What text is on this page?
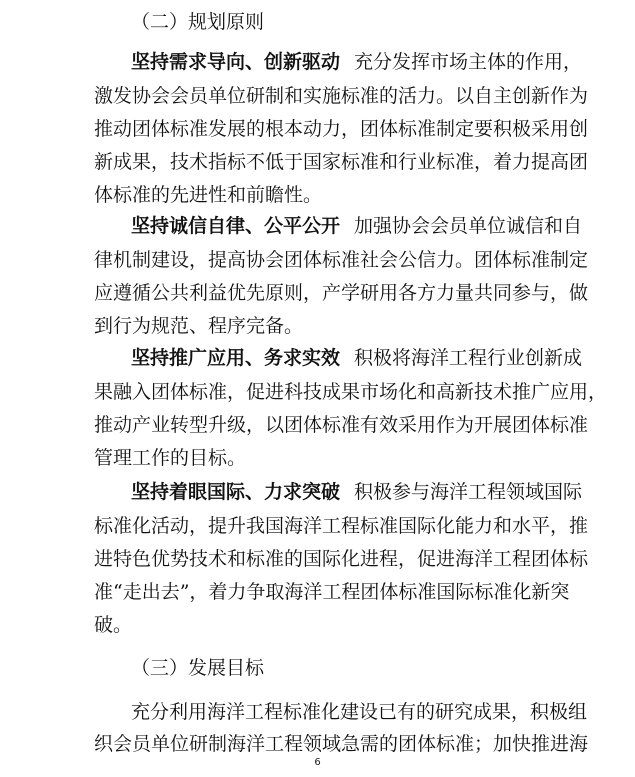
（二）规划原则
坚持需求导向、创新驱动 充分发挥市场主体的作用，
激发协会会员单位研制和实施标准的活力。以自主创新作为
推动团体标准发展的根本动力，团体标准制定要积极采用创
新成果，技术指标不低于国家标准和行业标准，着力提高团
体标准的先进性和前瞻性。
坚持诚信自律、公平公开 加强协会会员单位诚信和自
律机制建设，提高协会团体标准社会公信力。团体标准制定
应遵循公共利益优先原则，产学研用各方力量共同参与，做
到行为规范、程序完备。
坚持推广应用、务求实效 积极将海洋工程行业创新成
果融入团体标准，促进科技成果市场化和高新技术推广应用，
推动产业转型升级，以团体标准有效采用作为开展团体标准
管理工作的目标。
坚持着眼国际、力求突破 积极参与海洋工程领域国际
标准化活动，提升我国海洋工程标准国际化能力和水平，推
进特色优势技术和标准的国际化进程，促进海洋工程团体标
准“走出去”，着力争取海洋工程团体标准国际标准化新突
破。
（三）发展目标
充分利用海洋工程标准化建设已有的研究成果，积极组
织会员单位研制海洋工程领域急需的团体标准；加快推进海
6
